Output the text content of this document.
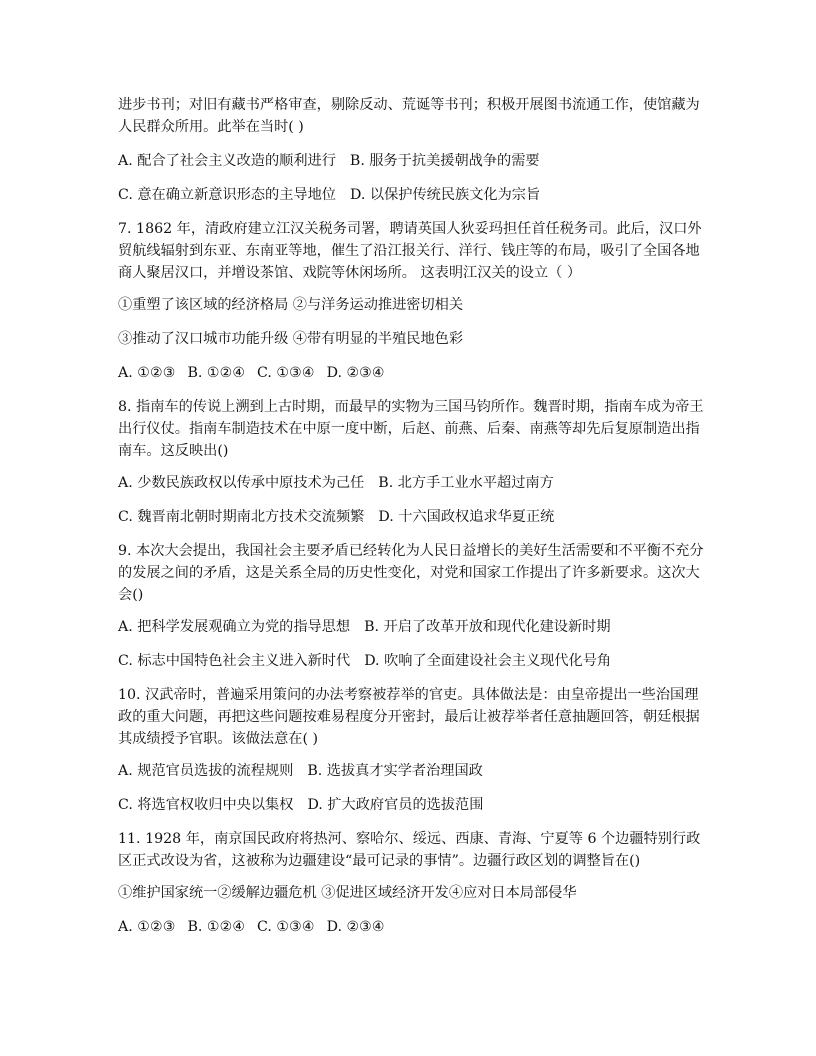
进步书刊；对旧有藏书严格审查，剔除反动、荒诞等书刊；积极开展图书流通工作，使馆藏为人民群众所用。此举在当时( )

A. 配合了社会主义改造的顺利进行 B. 服务于抗美援朝战争的需要

C. 意在确立新意识形态的主导地位 D. 以保护传统民族文化为宗旨

7. 1862 年，清政府建立江汉关税务司署，聘请英国人狄妥玛担任首任税务司。此后，汉口外贸航线辐射到东亚、东南亚等地，催生了沿江报关行、洋行、钱庄等的布局，吸引了全国各地商人聚居汉口，并增设茶馆、戏院等休闲场所。 这表明江汉关的设立（ ）

①重塑了该区域的经济格局 ②与洋务运动推进密切相关

③推动了汉口城市功能升级 ④带有明显的半殖民地色彩

A. ①②③ B. ①②④ C. ①③④ D. ②③④

8. 指南车的传说上溯到上古时期，而最早的实物为三国马钧所作。魏晋时期，指南车成为帝王出行仪仗。指南车制造技术在中原一度中断，后赵、前燕、后秦、南燕等却先后复原制造出指南车。这反映出()

A. 少数民族政权以传承中原技术为己任 B. 北方手工业水平超过南方

C. 魏晋南北朝时期南北方技术交流频繁 D. 十六国政权追求华夏正统

9. 本次大会提出，我国社会主要矛盾已经转化为人民日益增长的美好生活需要和不平衡不充分的发展之间的矛盾，这是关系全局的历史性变化，对党和国家工作提出了许多新要求。这次大会()

A. 把科学发展观确立为党的指导思想 B. 开启了改革开放和现代化建设新时期

C. 标志中国特色社会主义进入新时代 D. 吹响了全面建设社会主义现代化号角

10. 汉武帝时，普遍采用策问的办法考察被荐举的官吏。具体做法是：由皇帝提出一些治国理政的重大问题，再把这些问题按难易程度分开密封，最后让被荐举者任意抽题回答，朝廷根据其成绩授予官职。该做法意在( )

A. 规范官员选拔的流程规则 B. 选拔真才实学者治理国政

C. 将选官权收归中央以集权 D. 扩大政府官员的选拔范围

11. 1928 年，南京国民政府将热河、察哈尔、绥远、西康、青海、宁夏等 6 个边疆特别行政区正式改设为省，这被称为边疆建设“最可记录的事情”。边疆行政区划的调整旨在()

①维护国家统一②缓解边疆危机 ③促进区域经济开发④应对日本局部侵华

A. ①②③ B. ①②④ C. ①③④ D. ②③④
